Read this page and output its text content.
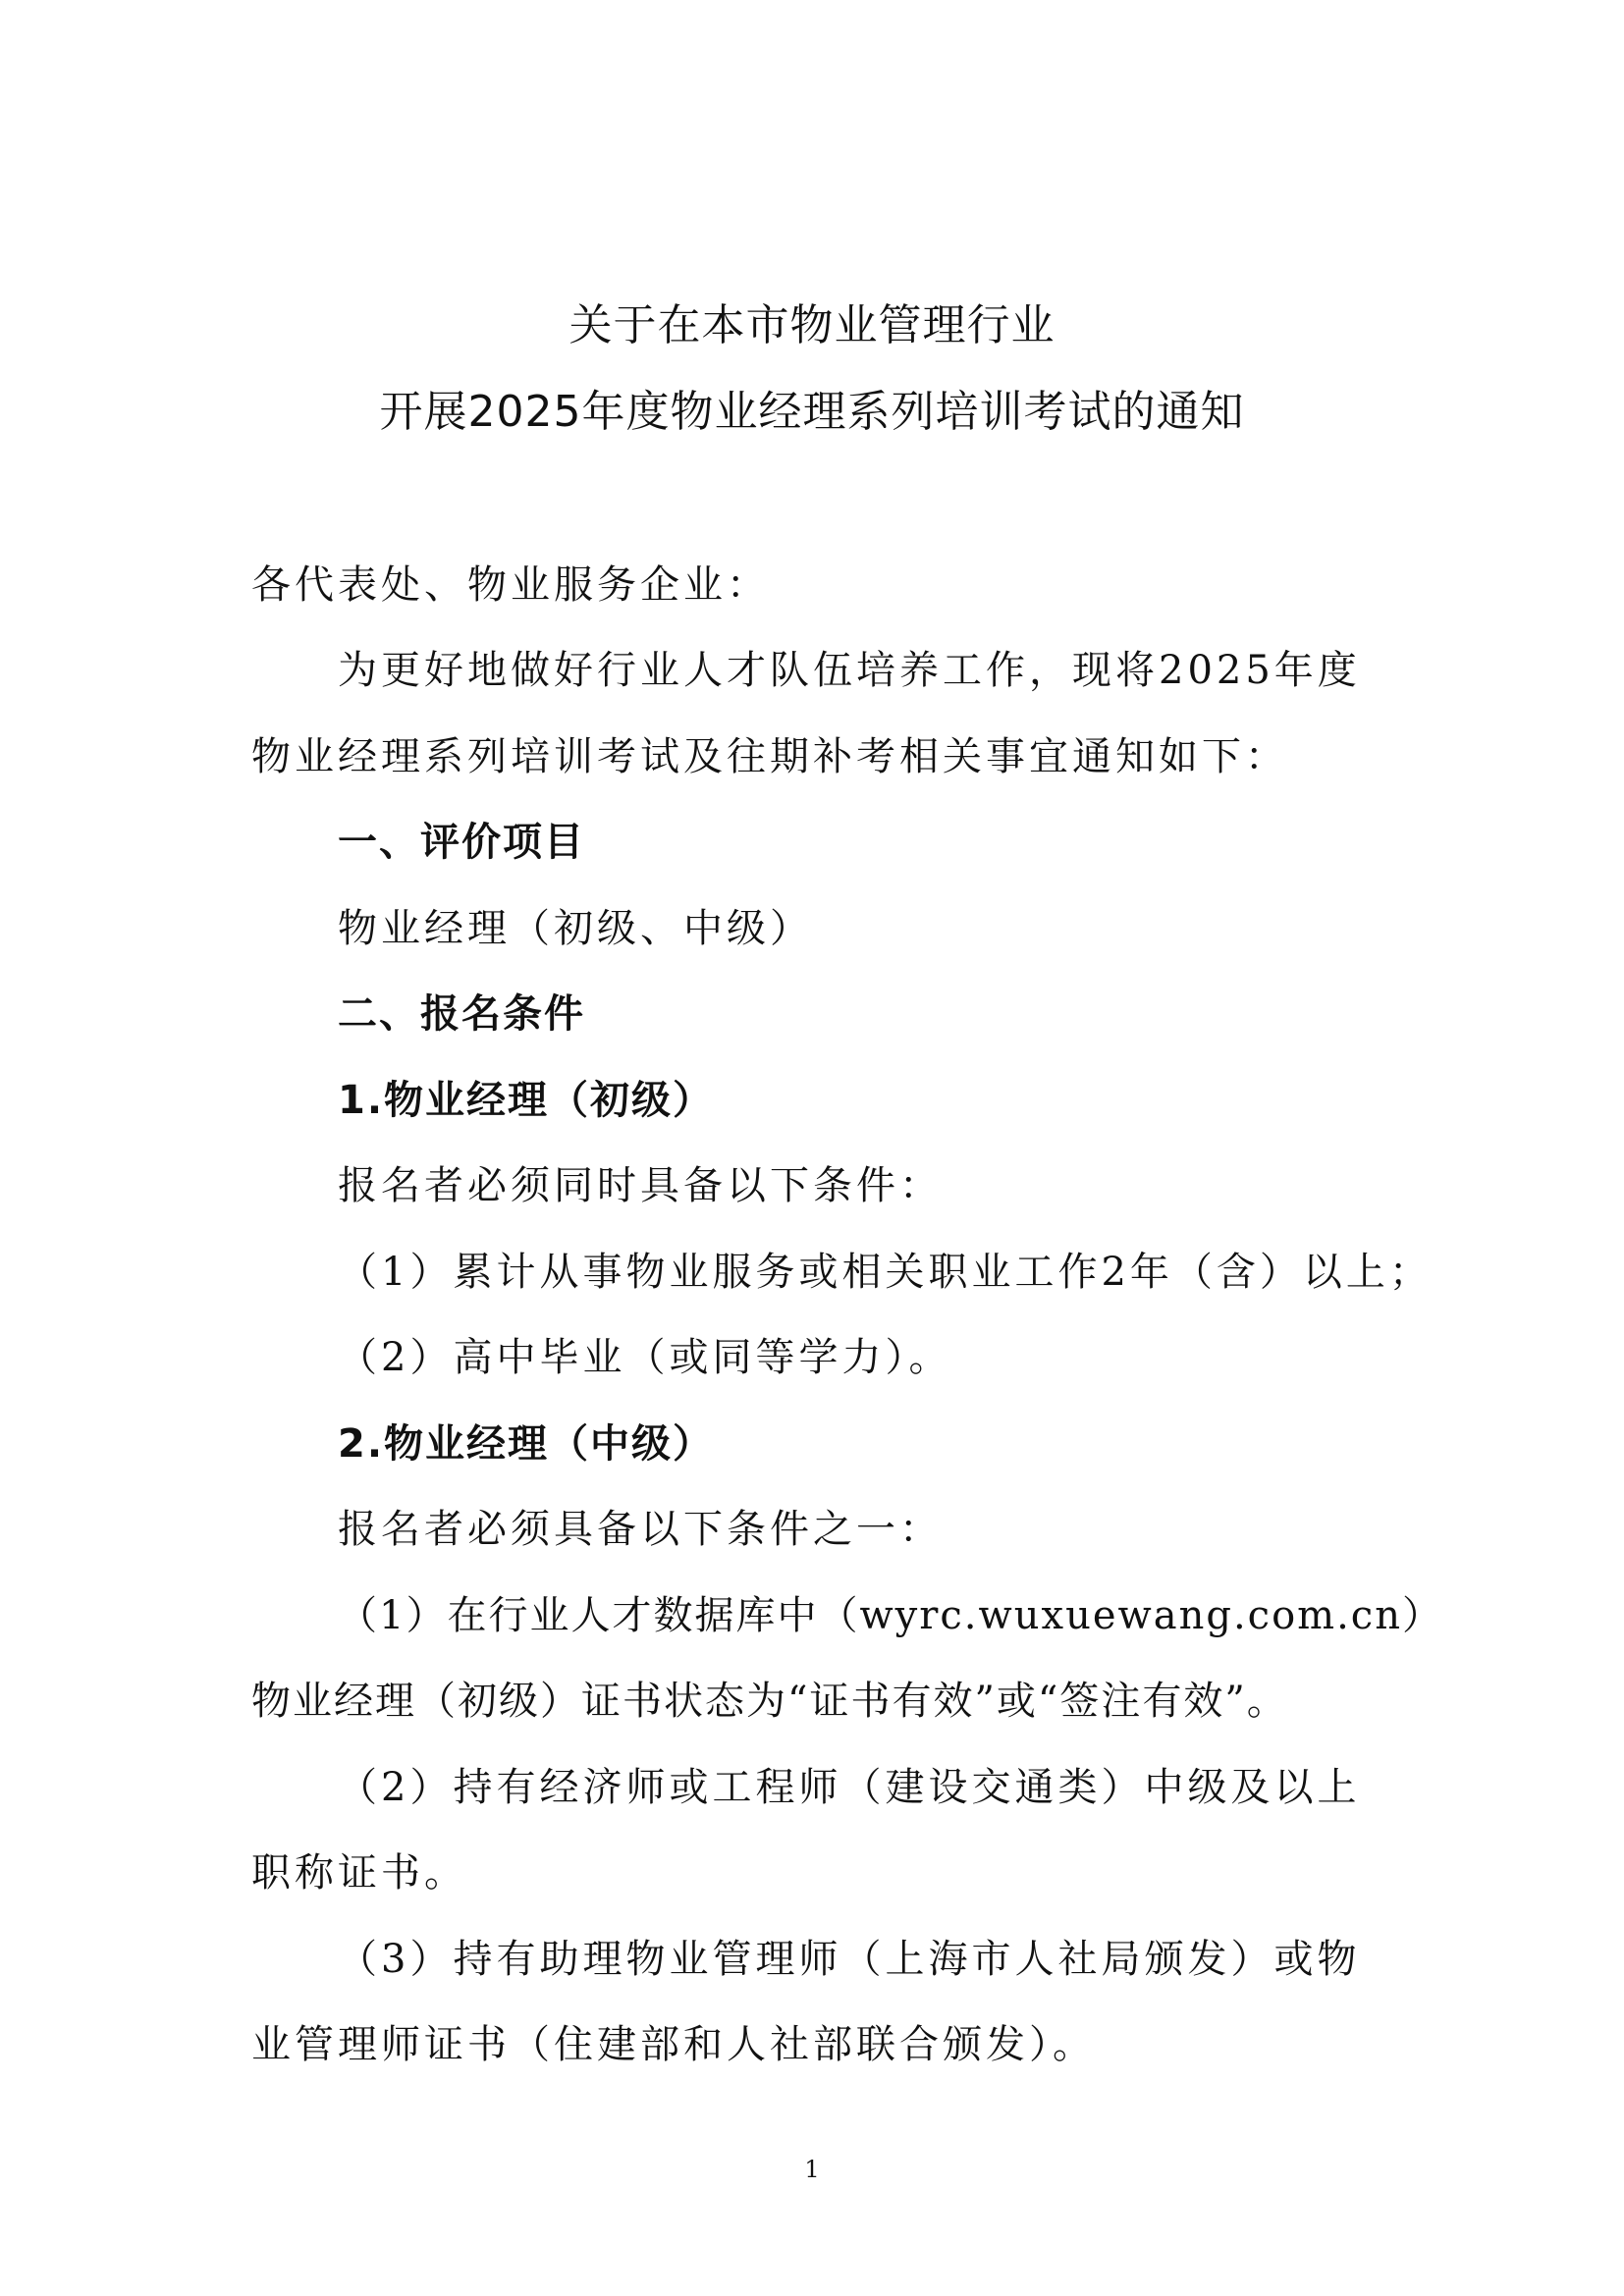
关于在本市物业管理行业
开展2025年度物业经理系列培训考试的通知
各代表处、物业服务企业：
为更好地做好行业人才队伍培养工作，现将2025年度
物业经理系列培训考试及往期补考相关事宜通知如下：
一、评价项目
物业经理（初级、中级）
二、报名条件
1.物业经理（初级）
报名者必须同时具备以下条件：
（1）累计从事物业服务或相关职业工作2年（含）以上；
（2）高中毕业（或同等学力）。
2.物业经理（中级）
报名者必须具备以下条件之一：
（1）在行业人才数据库中（wyrc.wuxuewang.com.cn）
物业经理（初级）证书状态为“证书有效”或“签注有效”。
（2）持有经济师或工程师（建设交通类）中级及以上
职称证书。
（3）持有助理物业管理师（上海市人社局颁发）或物
业管理师证书（住建部和人社部联合颁发）。
1
